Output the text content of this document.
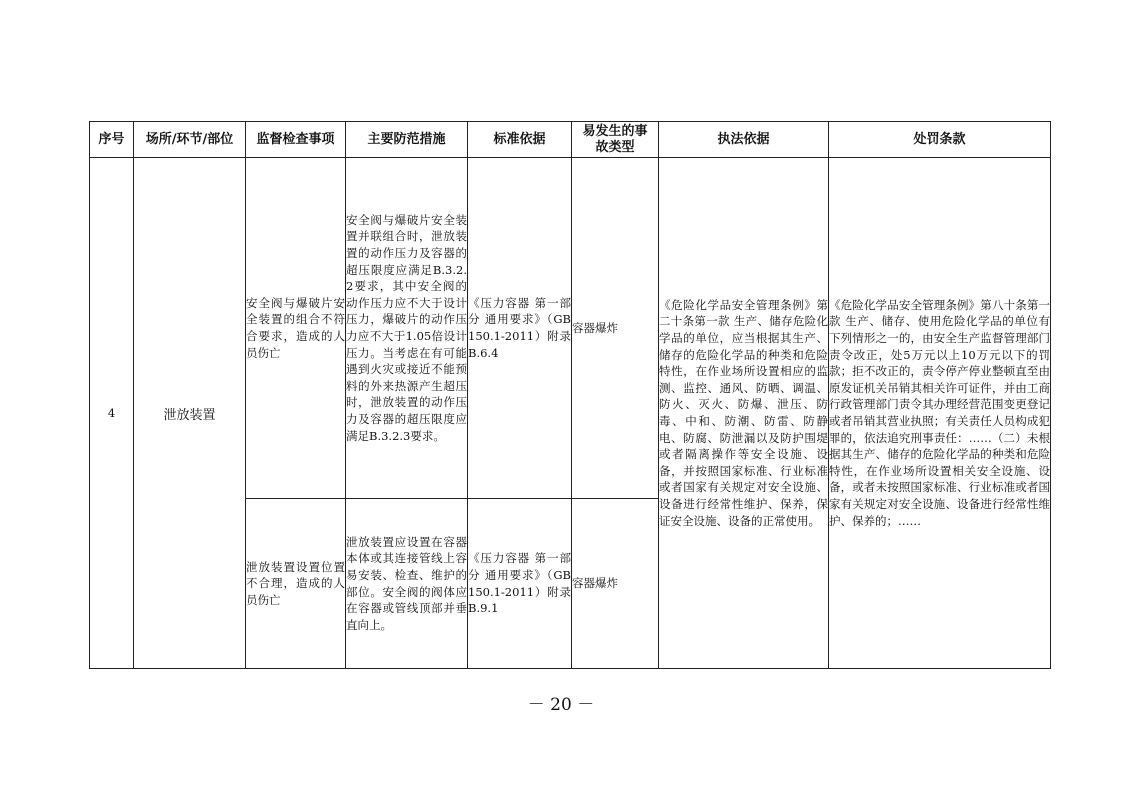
序号	场所/环节/部位	监督检查事项	主要防范措施	标准依据	易发生的事故类型	执法依据	处罚条款
4	泄放装置	安全阀与爆破片安全装置的组合不符合要求，造成的人员伤亡	安全阀与爆破片安全装置并联组合时，泄放装置的动作压力及容器的超压限度应满足B.3.2.2要求，其中安全阀的动作压力应不大于设计压力，爆破片的动作压力应不大于1.05倍设计压力。当考虑在有可能遇到火灾或接近不能预料的外来热源产生超压时，泄放装置的动作压力及容器的超压限度应满足B.3.2.3要求。	《压力容器 第一部分 通用要求》（GB 150.1-2011）附录B.6.4	容器爆炸	《危险化学品安全管理条例》第二十条第一款 生产、储存危险化学品的单位，应当根据其生产、储存的危险化学品的种类和危险特性，在作业场所设置相应的监测、监控、通风、防晒、调温、防火、灭火、防爆、泄压、防毒、中和、防潮、防雷、防静电、防腐、防泄漏以及防护围堤或者隔离操作等安全设施、设备，并按照国家标准、行业标准或者国家有关规定对安全设施、设备进行经常性维护、保养，保证安全设施、设备的正常使用。	《危险化学品安全管理条例》第八十条第一款 生产、储存、使用危险化学品的单位有下列情形之一的，由安全生产监督管理部门责令改正，处5万元以上10万元以下的罚款；拒不改正的，责令停产停业整顿直至由原发证机关吊销其相关许可证件，并由工商行政管理部门责令其办理经营范围变更登记或者吊销其营业执照；有关责任人员构成犯罪的，依法追究刑事责任：……（二）未根据其生产、储存的危险化学品的种类和危险特性，在作业场所设置相关安全设施、设备，或者未按照国家标准、行业标准或者国家有关规定对安全设施、设备进行经常性维护、保养的；……
		泄放装置设置位置不合理，造成的人员伤亡	泄放装置应设置在容器本体或其连接管线上容易安装、检查、维护的部位。安全阀的阀体应在容器或管线顶部并垂直向上。	《压力容器 第一部分 通用要求》（GB 150.1-2011）附录B.9.1	容器爆炸		
－ 20 －
